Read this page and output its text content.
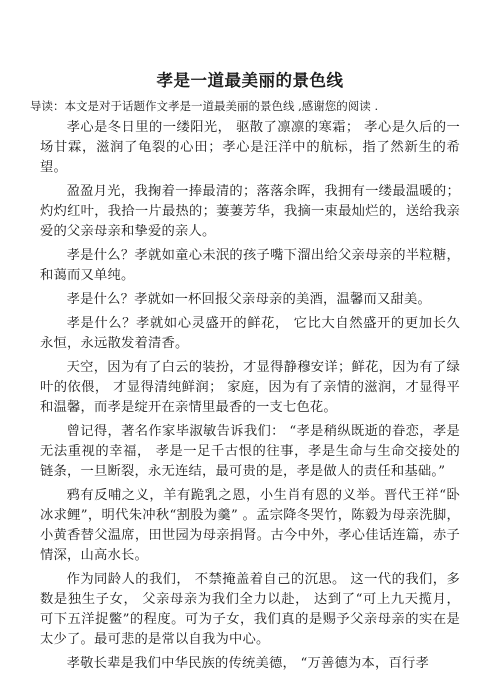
孝是一道最美丽的景色线

导读：本文是对于话题作文孝是一道最美丽的景色线 ,感谢您的阅读 .

孝心是冬日里的一缕阳光， 驱散了凛凛的寒霜； 孝心是久后的一场甘霖，滋润了龟裂的心田；孝心是汪洋中的航标，指了然新生的希望。

盈盈月光，我掬着一捧最清的；落落余晖，我拥有一缕最温暖的；灼灼红叶，我拾一片最热的；萋萋芳华，我摘一束最灿烂的，送给我亲爱的父亲母亲和挚爱的亲人。

孝是什么？孝就如童心未泯的孩子嘴下溜出给父亲母亲的半粒糖，和蔼而又单纯。

孝是什么？孝就如一杯回报父亲母亲的美酒，温馨而又甜美。

孝是什么？孝就如心灵盛开的鲜花， 它比大自然盛开的更加长久永恒，永远散发着清香。

天空，因为有了白云的装扮，才显得静穆安详；鲜花，因为有了绿叶的依偎， 才显得清纯鲜润； 家庭，因为有了亲情的滋润，才显得平和温馨，而孝是绽开在亲情里最香的一支七色花。

曾记得，著名作家毕淑敏告诉我们： “孝是稍纵既逝的眷恋，孝是无法重视的幸福， 孝是一足千古恨的往事，孝是生命与生命交接处的链条，一旦断裂，永无连结，最可贵的是，孝是做人的责任和基础。”

鸦有反哺之义，羊有跪乳之恩，小生肖有恩的义举。晋代王祥“卧冰求鲤”，明代朱冲秋“割股为羹” 。孟宗降冬哭竹，陈毅为母亲洗脚，小黄香替父温席，田世园为母亲捐肾。古今中外，孝心佳话连篇，赤子情深，山高水长。

作为同龄人的我们， 不禁掩盖着自己的沉思。 这一代的我们，多数是独生子女， 父亲母亲为我们全力以赴， 达到了“可上九天揽月，可下五洋捉鳖”的程度。可为子女，我们真的是赐予父亲母亲的实在是太少了。最可悲的是常以自我为中心。

孝敬长辈是我们中华民族的传统美德， “万善德为本，百行孝
